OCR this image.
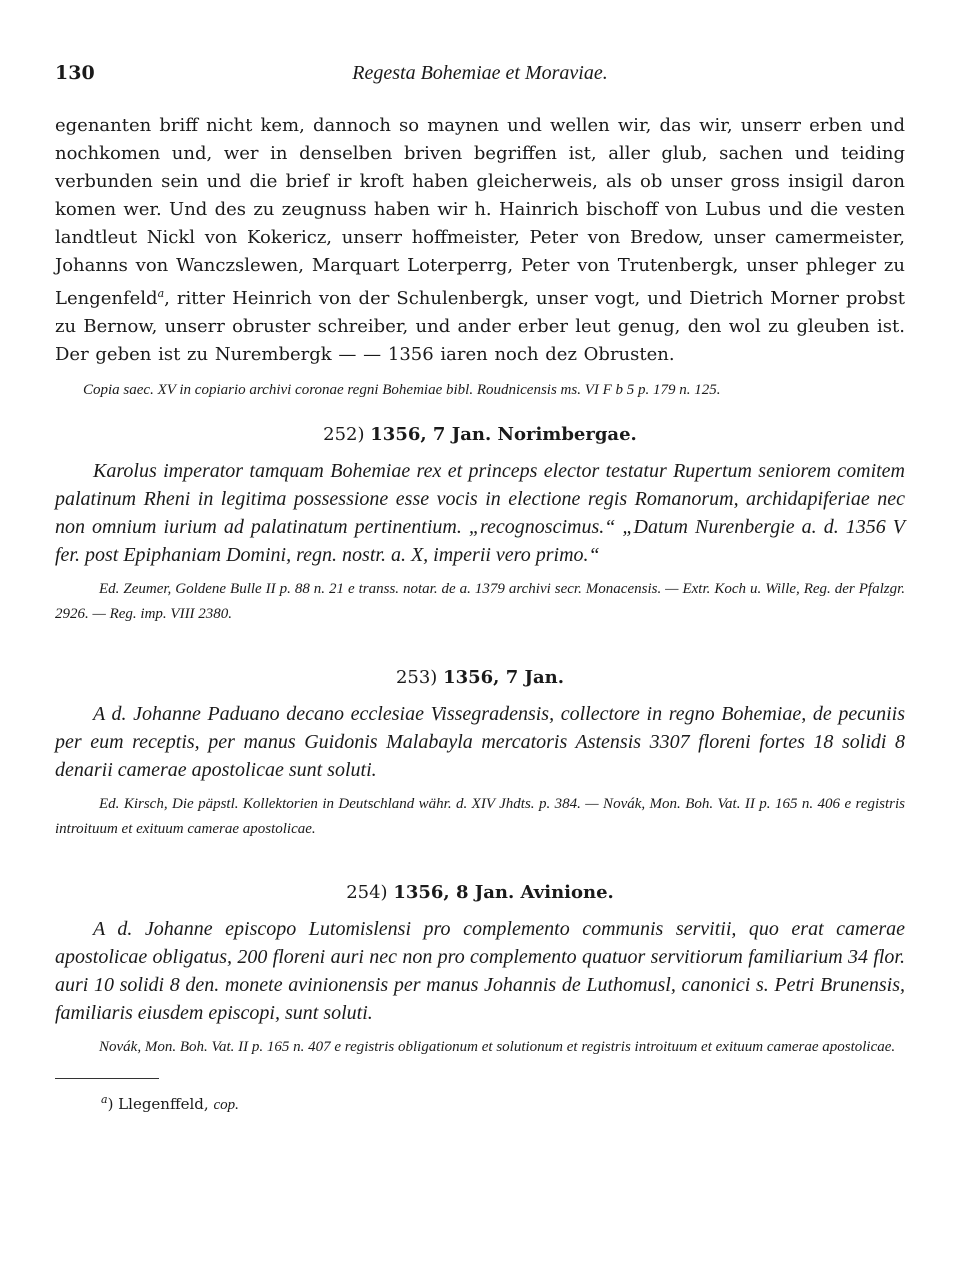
130	Regesta Bohemiae et Moraviae.
egenanten briff nicht kem, dannoch so maynen und wellen wir, das wir, unserr erben und nochkomen und, wer in denselben briven begriffen ist, aller glub, sachen und teiding verbunden sein und die brief ir kroft haben gleicherweis, als ob unser gross insigil daron komen wer. Und des zu zeugnuss haben wir h. Hainrich bischoff von Lubus und die vesten landtleut Nickl von Kokericz, unserr hoffmeister, Peter von Bredow, unser camermeister, Johanns von Wanczslewen, Marquart Loterperrg, Peter von Trutenbergk, unser phleger zu Lengenfeld$^a$, ritter Heinrich von der Schulenbergk, unser vogt, und Dietrich Morner probst zu Bernow, unserr obruster schreiber, und ander erber leut genug, den wol zu gleuben ist. Der geben ist zu Nurembergk — — 1356 iaren noch dez Obrusten.
Copia saec. XV in copiario archivi coronae regni Bohemiae bibl. Roudnicensis ms. VI F b 5 p. 179 n. 125.
252) 1356, 7 Jan. Norimbergae.
Karolus imperator tamquam Bohemiae rex et princeps elector testatur Rupertum seniorem comitem palatinum Rheni in legitima possessione esse vocis in electione regis Romanorum, archidapiferiae nec non omnium iurium ad palatinatum pertinentium. „recognoscimus.“ „Datum Nurenbergie a. d. 1356 V fer. post Epiphaniam Domini, regn. nostr. a. X, imperii vero primo.“
Ed. Zeumer, Goldene Bulle II p. 88 n. 21 e transs. notar. de a. 1379 archivi secr. Monacensis. — Extr. Koch u. Wille, Reg. der Pfalzgr. 2926. — Reg. imp. VIII 2380.
253) 1356, 7 Jan.
A d. Johanne Paduano decano ecclesiae Vissegradensis, collectore in regno Bohemiae, de pecuniis per eum receptis, per manus Guidonis Malabayla mercatoris Astensis 3307 floreni fortes 18 solidi 8 denarii camerae apostolicae sunt soluti.
Ed. Kirsch, Die päpstl. Kollektorien in Deutschland währ. d. XIV Jhdts. p. 384. — Novák, Mon. Boh. Vat. II p. 165 n. 406 e registris introituum et exituum camerae apostolicae.
254) 1356, 8 Jan. Avinione.
A d. Johanne episcopo Lutomislensi pro complemento communis servitii, quo erat camerae apostolicae obligatus, 200 floreni auri nec non pro complemento quatuor servitiorum familiarium 34 flor. auri 10 solidi 8 den. monete avinionensis per manus Johannis de Luthomusl, canonici s. Petri Brunensis, familiaris eiusdem episcopi, sunt soluti.
Novák, Mon. Boh. Vat. II p. 165 n. 407 e registris obligationum et solutionum et registris introituum et exituum camerae apostolicae.
$^a$) Llegenffeld, cop.
